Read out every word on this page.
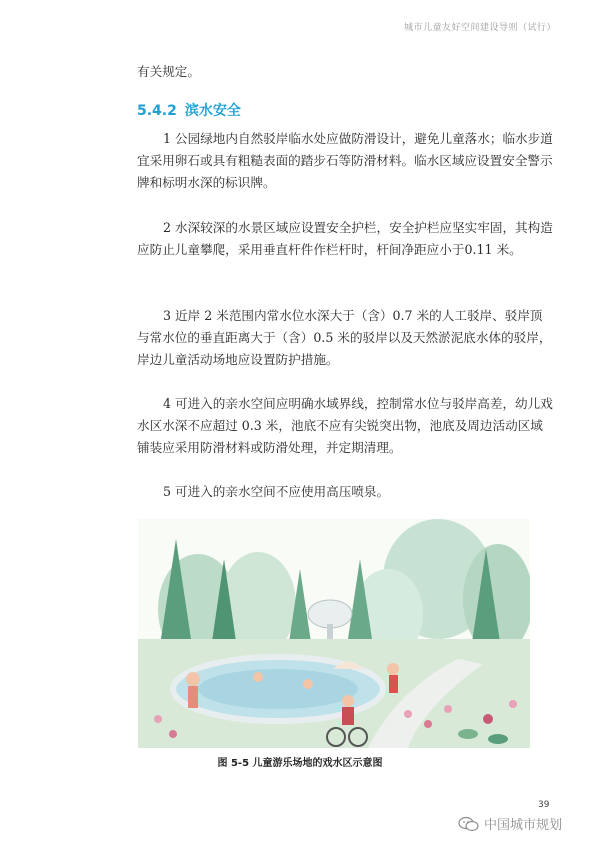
城市儿童友好空间建设导则（试行）
有关规定。
5.4.2 滨水安全
1 公园绿地内自然驳岸临水处应做防滑设计，避免儿童落水；临水步道宜采用卵石或具有粗糙表面的踏步石等防滑材料。临水区域应设置安全警示牌和标明水深的标识牌。
2 水深较深的水景区域应设置安全护栏，安全护栏应坚实牢固，其构造应防止儿童攀爬，采用垂直杆件作栏杆时，杆间净距应小于0.11 米。
3 近岸 2 米范围内常水位水深大于（含）0.7 米的人工驳岸、驳岸顶与常水位的垂直距离大于（含）0.5 米的驳岸以及天然淤泥底水体的驳岸，岸边儿童活动场地应设置防护措施。
4 可进入的亲水空间应明确水域界线，控制常水位与驳岸高差，幼儿戏水区水深不应超过 0.3 米，池底不应有尖锐突出物，池底及周边活动区域铺装应采用防滑材料或防滑处理，并定期清理。
5 可进入的亲水空间不应使用高压喷泉。
图 5-5 儿童游乐场地的戏水区示意图
39
中国城市规划
